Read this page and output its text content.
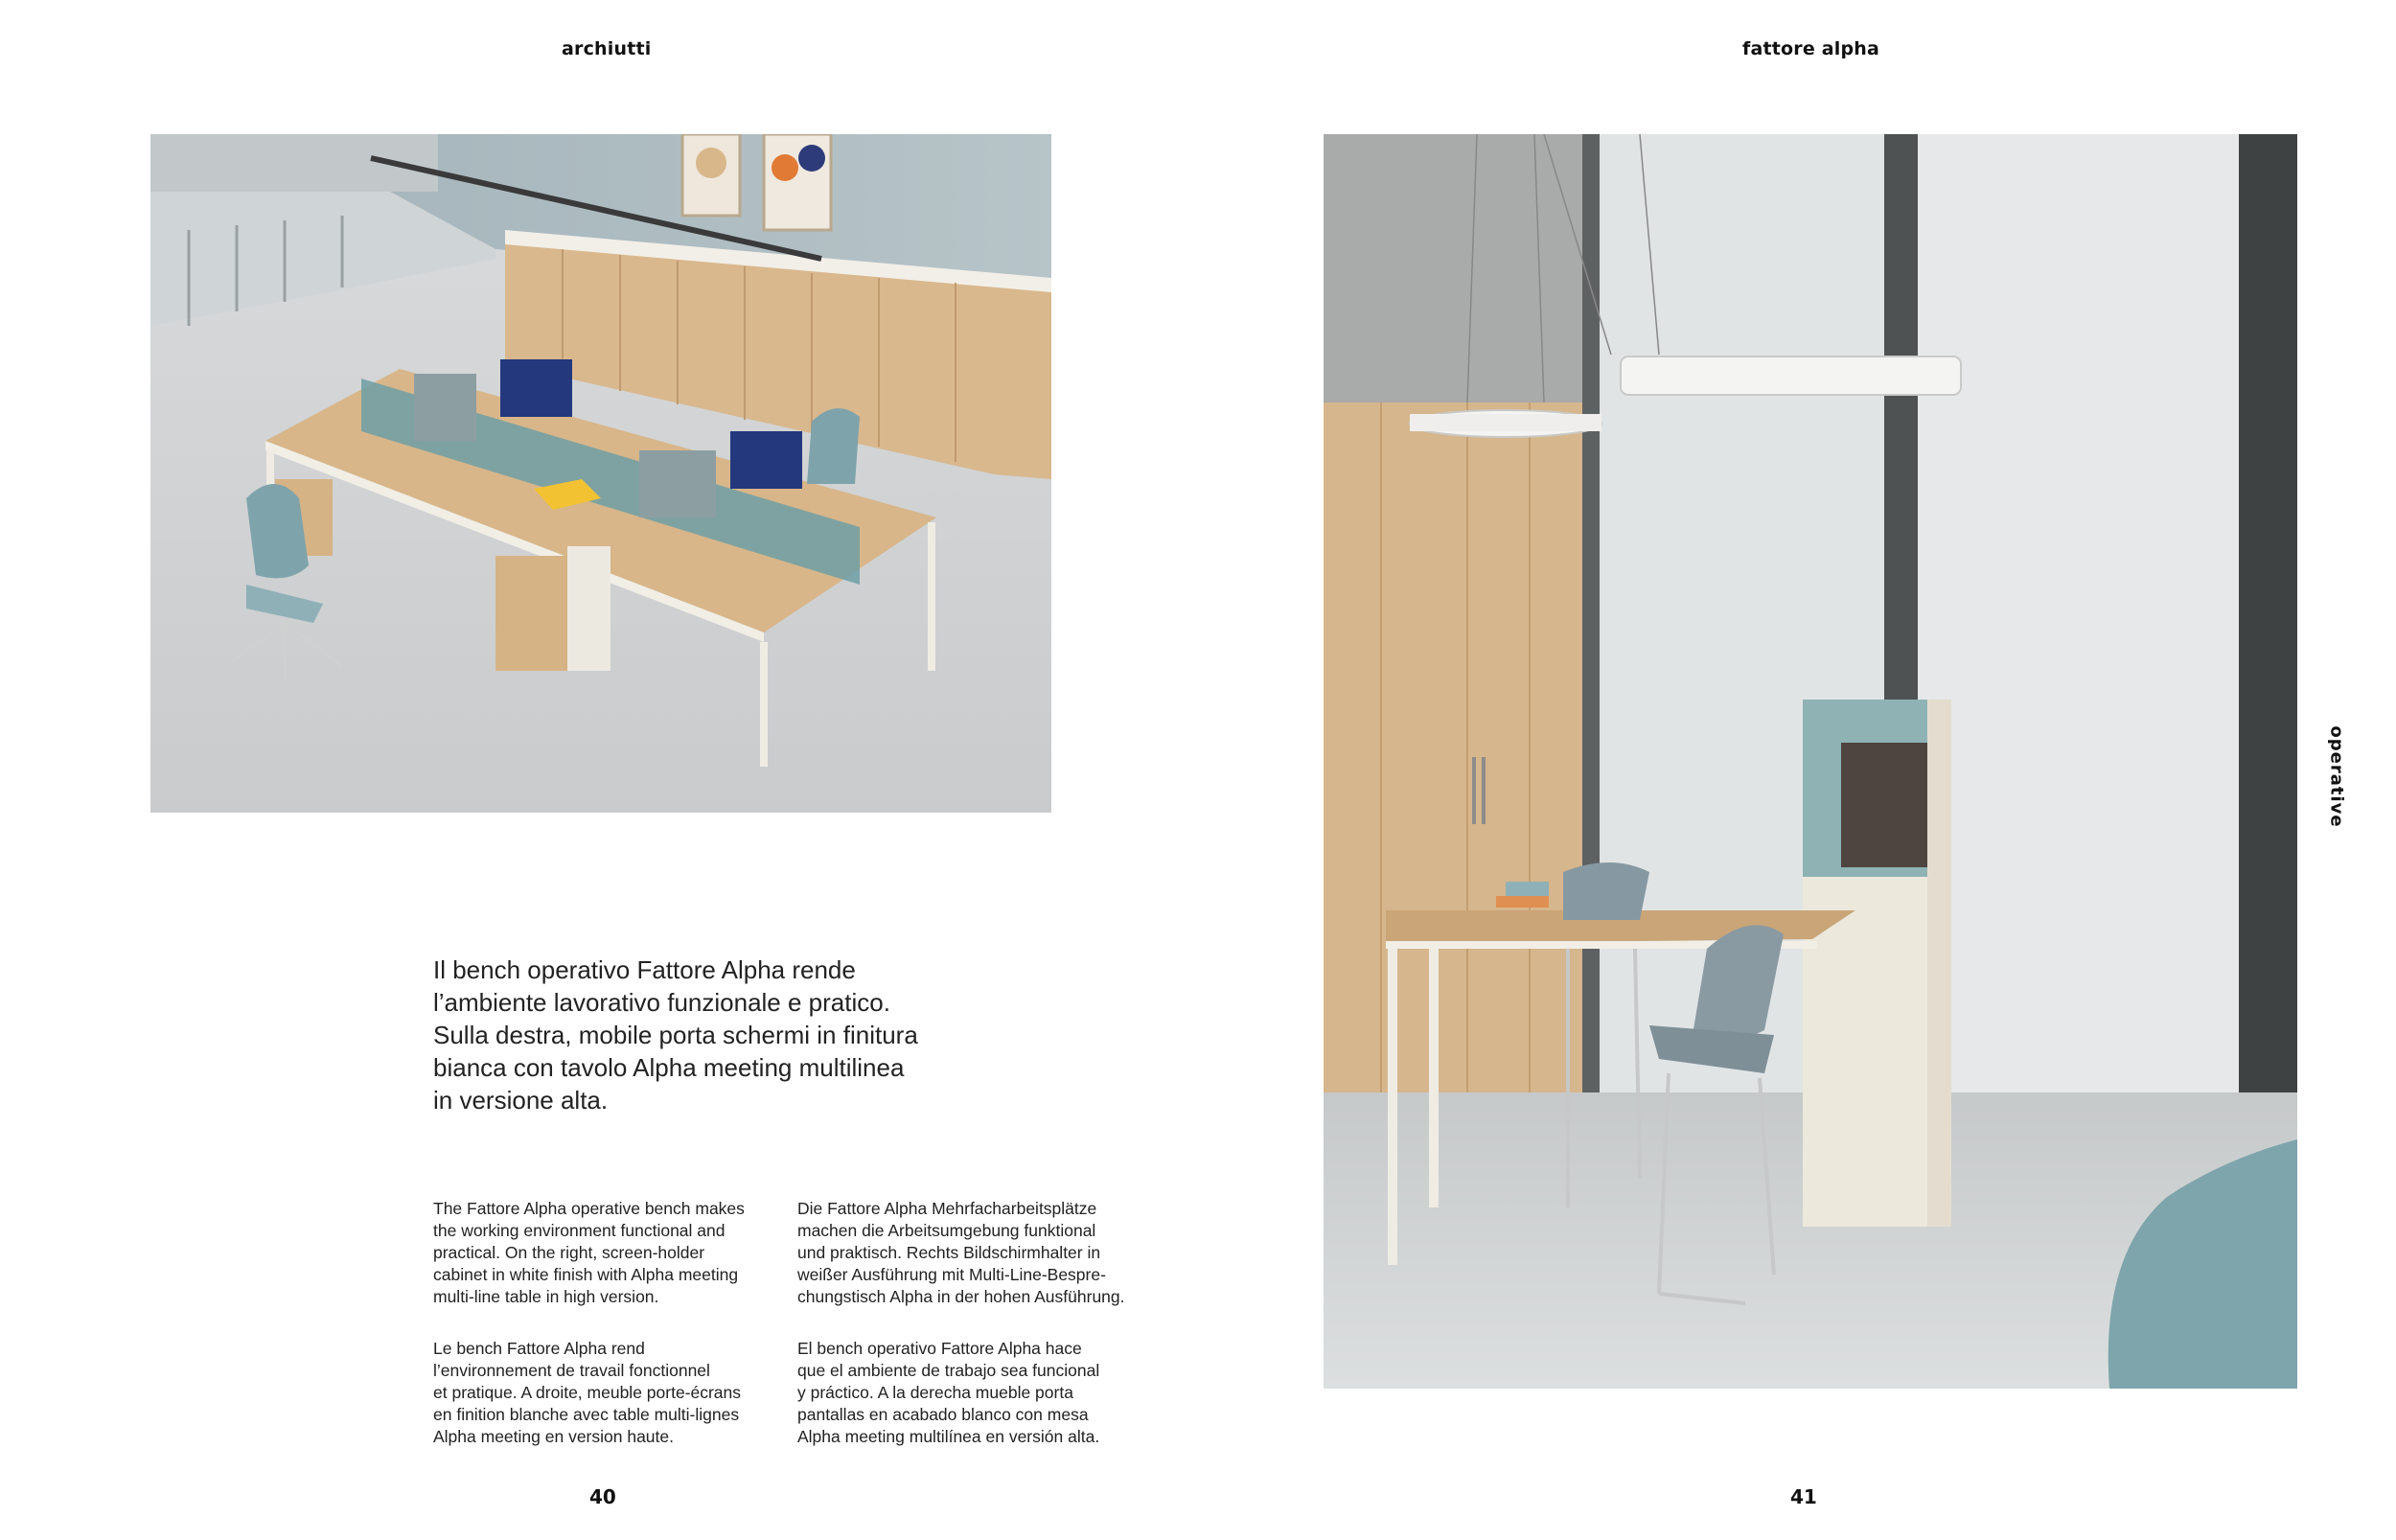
archiutti	fattore alpha
operative
Il bench operativo Fattore Alpha rende
l’ambiente lavorativo funzionale e pratico.
Sulla destra, mobile porta schermi in finitura
bianca con tavolo Alpha meeting multilinea
in versione alta.
The Fattore Alpha operative bench makes
the working environment functional and
practical. On the right, screen-holder
cabinet in white finish with Alpha meeting
multi-line table in high version.
Die Fattore Alpha Mehrfacharbeitsplätze
machen die Arbeitsumgebung funktional
und praktisch. Rechts Bildschirmhalter in
weißer Ausführung mit Multi-Line-Bespre-
chungstisch Alpha in der hohen Ausführung.
Le bench Fattore Alpha rend
l’environnement de travail fonctionnel
et pratique. A droite, meuble porte-écrans
en finition blanche avec table multi-lignes
Alpha meeting en version haute.
El bench operativo Fattore Alpha hace
que el ambiente de trabajo sea funcional
y práctico. A la derecha mueble porta
pantallas en acabado blanco con mesa
Alpha meeting multilínea en versión alta.
40	41
